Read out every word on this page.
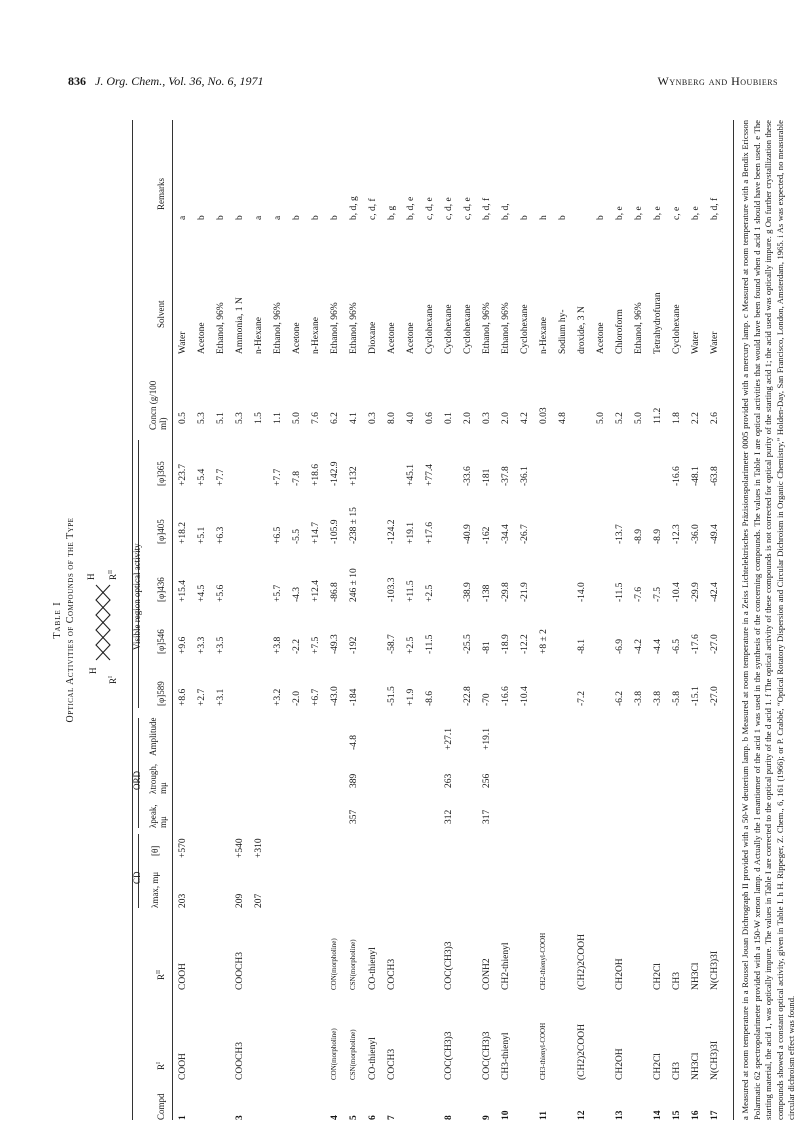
836 J. Org. Chem., Vol. 36, No. 6, 1971	Wynberg and Houbiers
Table I Optical Activities of Compounds of the Type H
$R^I$
H $R^{II}$
CD
ORD
Visible region optical activity
Compd
$R^I$
$R^{II}$
λmax, mμ
[θ]
λpeak, mμ
λtrough, mμ
Amplitude
[φ]589
[φ]546
[φ]436
[φ]405
[φ]365
Concn (g/100 ml)
Solvent
Remarks
1
COOH
COOH
203
+570
+8.6
+9.6
+15.4
+18.2
+23.7
0.5
Water
a
+2.7
+3.3
+4.5
+5.1
+5.4
5.3
Acetone
b
+3.1
+3.5
+5.6
+6.3
+7.7
5.1
Ethanol, 96%
b
3
COOCH3
COOCH3
209
+540
5.3
Ammonia, 1 N
b
207
+310
1.5
n-Hexane
a
+3.2
+3.8
+5.7
+6.5
+7.7
1.1
Ethanol, 96%
a
-2.0
-2.2
-4.3
-5.5
-7.8
5.0
Acetone
b
+6.7
+7.5
+12.4
+14.7
+18.6
7.6
n-Hexane
b
4
CON(morpholine)
CON(morpholine)
-43.0
-49.3
-86.8
-105.9
-142.9
6.2
Ethanol, 96%
b
5
CSN(morpholine)
CSN(morpholine)
357
389
-4.8
-184
-192
246 ± 10
-238 ± 15
+132
4.1
Ethanol, 96%
b, d, g
6
CO-thienyl
CO-thienyl
0.3
Dioxane
c, d, f
7
COCH3
COCH3
-51.5
-58.7
-103.3
-124.2
8.0
Acetone
b, g
+1.9
+2.5
+11.5
+19.1
+45.1
4.0
Acetone
b, d, e
-8.6
-11.5
+2.5
+17.6
+77.4
0.6
Cyclohexane
c, d, e
8
COC(CH3)3
COC(CH3)3
312
263
+27.1
0.1
Cyclohexane
c, d, e
-22.8
-25.5
-38.9
-40.9
-33.6
2.0
Cyclohexane
c, d, e
9
COC(CH3)3
CONH2
317
256
+19.1
-70
-81
-138
-162
-181
0.3
Ethanol, 96%
b, d, f
10
CH3-thienyl
CH2-thienyl
-16.6
-18.9
-29.8
-34.4
-37.8
2.0
Ethanol, 96%
b, d,
-10.4
-12.2
-21.9
-26.7
-36.1
4.2
Cyclohexane
b
11
CH3-thienyl-COOH
CH2-thienyl-COOH
+8 ± 2
0.03
n-Hexane
h
4.8
Sodium hy-
b
12
(CH2)2COOH
(CH2)2COOH
-7.2
-8.1
-14.0
droxide, 3 N
5.0
Acetone
b
13
CH2OH
CH2OH
-6.2
-6.9
-11.5
-13.7
5.2
Chloroform
b, e
-3.8
-4.2
-7.6
-8.9
5.0
Ethanol, 96%
b, e
14
CH2Cl
CH2Cl
-3.8
-4.4
-7.5
-8.9
11.2
Tetrahydrofuran
b, e
15
CH3
CH3
-5.8
-6.5
-10.4
-12.3
-16.6
1.8
Cyclohexane
c, e
16
NH3Cl
NH3Cl
-15.1
-17.6
-29.9
-36.0
-48.1
2.2
Water
b, e
17
N(CH3)3I
N(CH3)3I
-27.0
-27.0
-42.4
-49.4
-63.8
2.6
Water
b, d, f a Measured at room temperature in a Roussel Jouan Dichrograph II provided with a 50-W deuterium lamp. b Measured at room temperature in a Zeiss Lichtelektrisches Präzisionspolarimeter 0005 provided with a mercury lamp. c Measured at room temperature with a Bendix Ericsson Polarmatic 62 spectropolarimeter provided with a 150-W xenon lamp. d Actually the l enantiomer of the acid 1 was used in the synthesis of the concerning compounds. The values in Table I are optical activities that would have been found when d acid 1 should have been used. e The starting material, the acid 1, was optically impure. The values in Table I are corrected to the optical purity of the d acid 1. f The optical activity of these compounds is not corrected for optical purity of the starting acid 1; the acid used was optically impure. g On further crystallization these compounds showed a constant optical activity, given in Table I. h H. Rippeger, Z. Chem., 6, 161 (1966); or P. Crabbé, “Optical Rotatory Dispersion and Circular Dichroism in Organic Chemistry,” Holden-Day, San Francisco, London, Amsterdam, 1965. i As was expected, no measurable circular dichroism effect was found.
